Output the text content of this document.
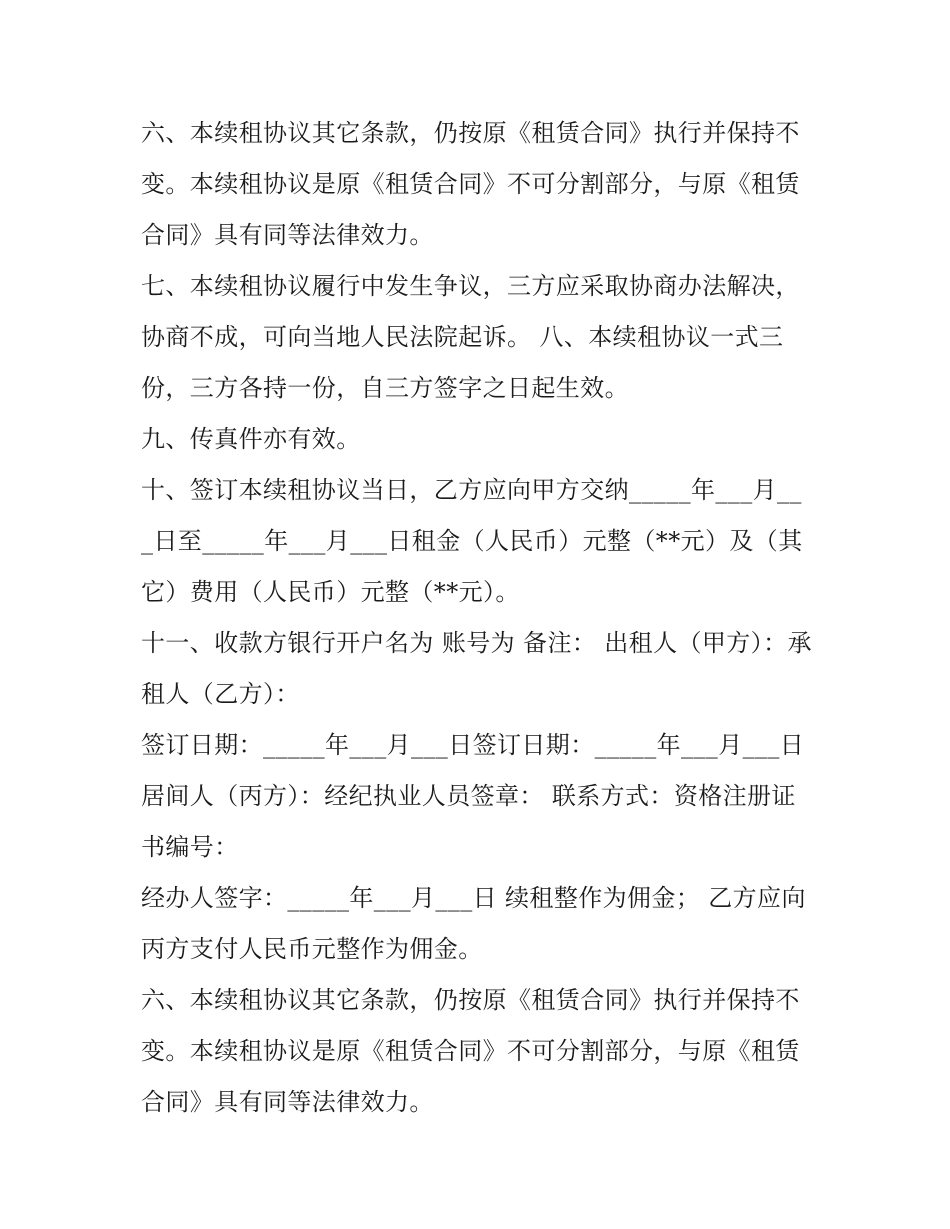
六、本续租协议其它条款，仍按原《租赁合同》执行并保持不变。本续租协议是原《租赁合同》不可分割部分，与原《租赁合同》具有同等法律效力。

七、本续租协议履行中发生争议，三方应采取协商办法解决，协商不成，可向当地人民法院起诉。 八、本续租协议一式三份，三方各持一份，自三方签字之日起生效。

九、传真件亦有效。

十、签订本续租协议当日，乙方应向甲方交纳_____年___月___日至_____年___月___日租金（人民币）元整（**元）及（其它）费用（人民币）元整（**元）。

十一、收款方银行开户名为 账号为 备注： 出租人（甲方）：承租人（乙方）：

签订日期：_____年___月___日签订日期：_____年___月___日

居间人（丙方）：经纪执业人员签章： 联系方式：资格注册证书编号：

经办人签字：_____年___月___日 续租整作为佣金； 乙方应向丙方支付人民币元整作为佣金。

六、本续租协议其它条款，仍按原《租赁合同》执行并保持不变。本续租协议是原《租赁合同》不可分割部分，与原《租赁合同》具有同等法律效力。
